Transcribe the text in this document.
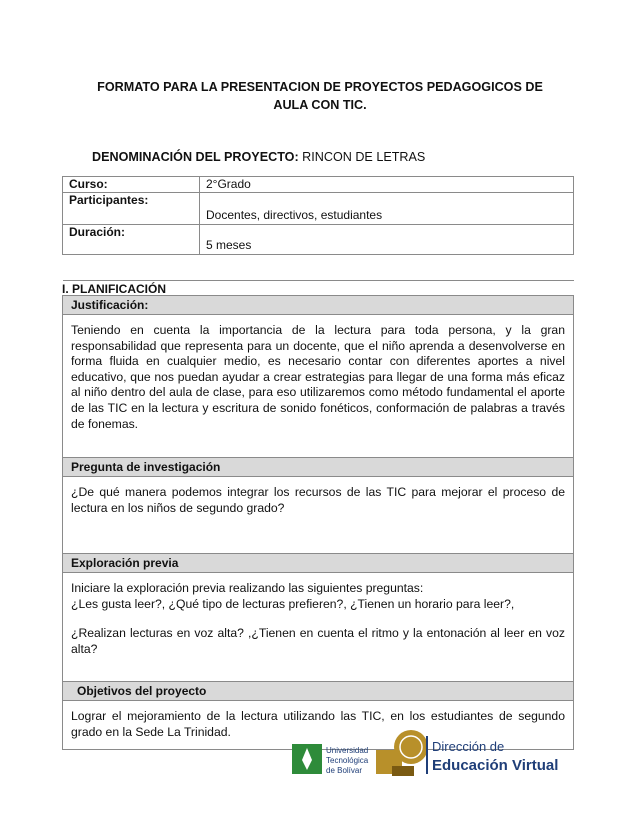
FORMATO PARA LA PRESENTACION DE PROYECTOS PEDAGOGICOS DE
AULA CON TIC.
DENOMINACIÓN DEL PROYECTO: RINCON DE LETRAS
Curso:	2°Grado
Participantes:	Docentes, directivos, estudiantes
Duración:	5 meses

Justificación:
Teniendo en cuenta la importancia de la lectura para toda persona, y la gran responsabilidad que representa para un docente, que el niño aprenda a desenvolverse en forma fluida en cualquier medio, es necesario contar con diferentes aportes a nivel educativo, que nos puedan ayudar a crear estrategias para llegar de una forma más eficaz al niño dentro del aula de clase, para eso utilizaremos como método fundamental el aporte de las TIC en la lectura y escritura de sonido fonéticos, conformación de palabras a través de fonemas.
Pregunta de investigación
¿De qué manera podemos integrar los recursos de las TIC para mejorar el proceso de lectura en los niños de segundo grado?
Exploración previa

Iniciare la exploración previa realizando las siguientes preguntas:
¿Les gusta leer?, ¿Qué tipo de lecturas prefieren?, ¿Tienen un horario para leer?,
¿Realizan lecturas en voz alta? ,¿Tienen en cuenta el ritmo y la entonación al leer en voz alta?

Objetivos del proyecto
Lograr el mejoramiento de la lectura utilizando las TIC, en los estudiantes de segundo grado en la Sede La Trinidad.
I. PLANIFICACIÓN
Universidad
Tecnológica
de Bolívar
Dirección de
Educación Virtual
